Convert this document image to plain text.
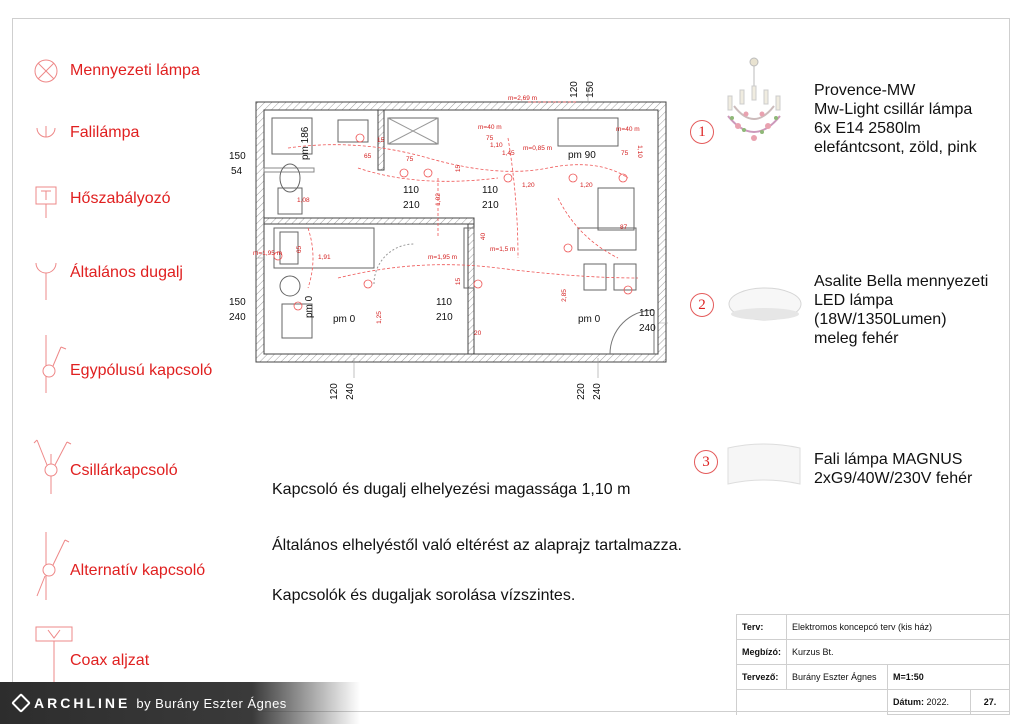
Mennyezeti lámpa
Falilámpa
Hőszabályozó
Általános dugalj
Egypólusú kapcsoló
Csillárkapcsoló
Alternatív kapcsoló
Coax aljzat
120 150
150
54
pm 186
110
210
110
210
pm 90
150
240	pm 0
pm 0
110
210	pm 0
110
240
120 240	220 240
m=2,69 m
m=40 m	m=40 m
m=0,85 m
m=1,95 m
m=1,5 m
m=1,95 m
75
1,10
1,45
1,20	1,20
1,02
1,08
1,91
2,85
1,25
65
65
75
75
15
15
15
20
40
87
1,10
Kapcsoló és dugalj elhelyezési magassága 1,10 m
Általános elhelyéstől való eltérést az alaprajz tartalmazza.
Kapcsolók és dugaljak sorolása vízszintes.
1
Provence-MW
Mw-Light csillár lámpa
6x E14 2580lm
elefántcsont, zöld, pink
2
Asalite Bella mennyezeti
LED lámpa
(18W/1350Lumen)
meleg fehér
3	Fali lámpa MAGNUS
2xG9/40W/230V fehér
Terv:	Elektromos koncepcó terv (kis ház)		
Megbízó:	Kurzus Bt.		
Tervező:	Burány Eszter Ágnes	M=1:50	
		Dátum: 2022.	27.
ARCHLINE by Burány Eszter Ágnes
